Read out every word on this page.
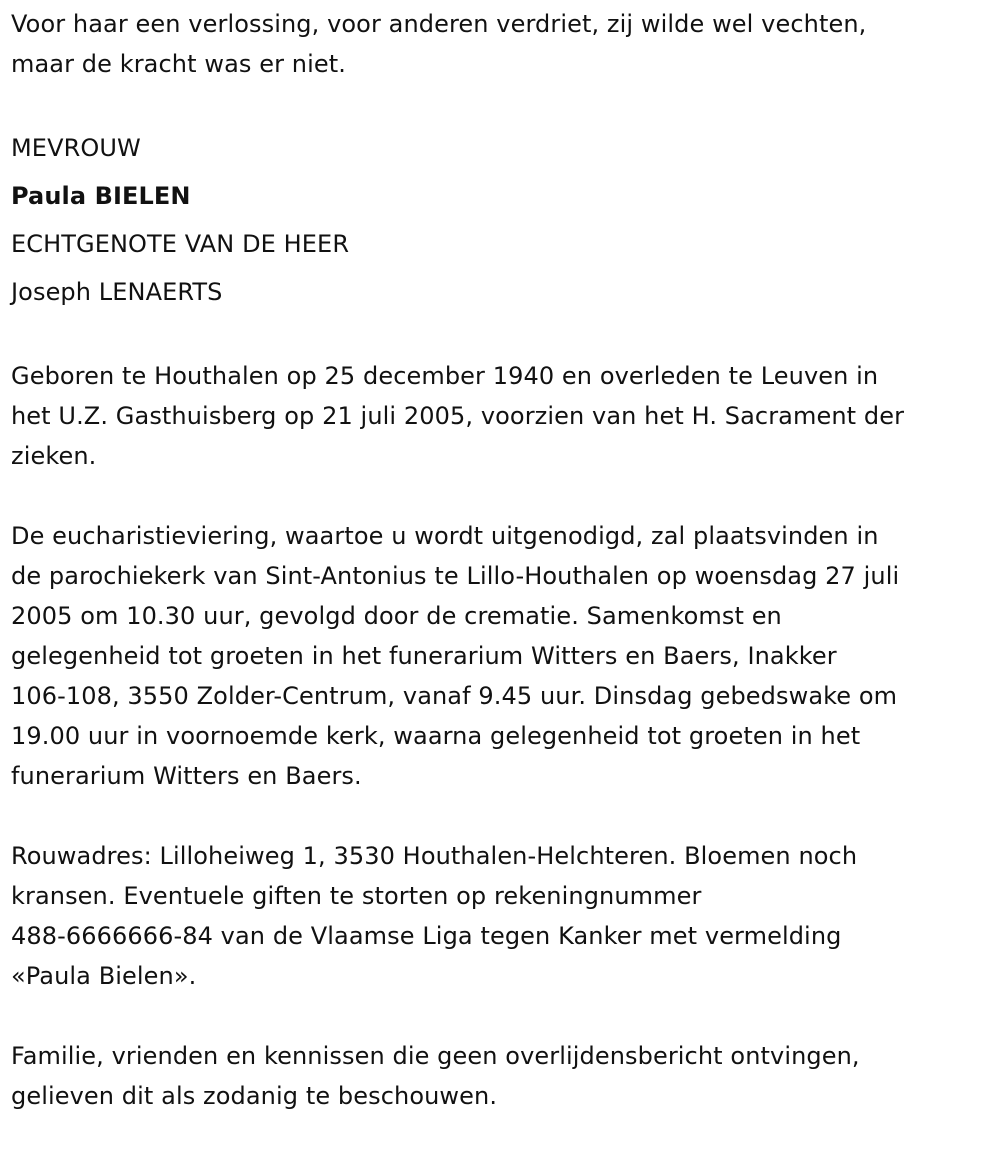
Voor haar een verlossing, voor anderen verdriet, zij wilde wel vechten,
maar de kracht was er niet.

MEVROUW
Paula BIELEN
ECHTGENOTE VAN DE HEER
Joseph LENAERTS

Geboren te Houthalen op 25 december 1940 en overleden te Leuven in
het U.Z. Gasthuisberg op 21 juli 2005, voorzien van het H. Sacrament der
zieken.

De eucharistieviering, waartoe u wordt uitgenodigd, zal plaatsvinden in
de parochiekerk van Sint-Antonius te Lillo-Houthalen op woensdag 27 juli
2005 om 10.30 uur, gevolgd door de crematie. Samenkomst en
gelegenheid tot groeten in het funerarium Witters en Baers, Inakker
106-108, 3550 Zolder-Centrum, vanaf 9.45 uur. Dinsdag gebedswake om
19.00 uur in voornoemde kerk, waarna gelegenheid tot groeten in het
funerarium Witters en Baers.

Rouwadres: Lilloheiweg 1, 3530 Houthalen-Helchteren. Bloemen noch
kransen. Eventuele giften te storten op rekeningnummer
488-6666666-84 van de Vlaamse Liga tegen Kanker met vermelding
«Paula Bielen».

Familie, vrienden en kennissen die geen overlijdensbericht ontvingen,
gelieven dit als zodanig te beschouwen.
